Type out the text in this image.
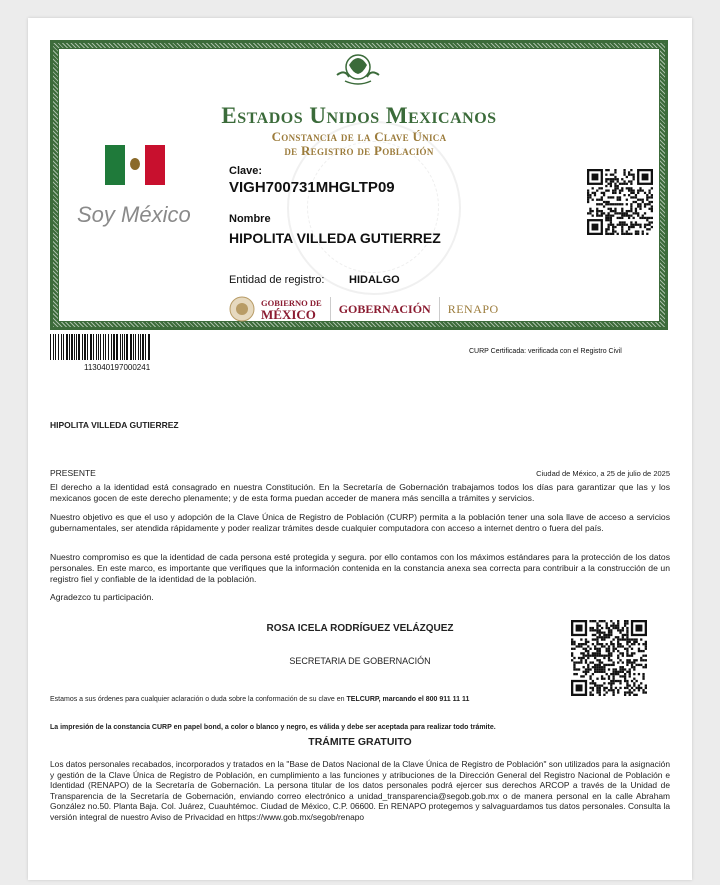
Estados Unidos Mexicanos
Constancia de la Clave Única
de Registro de Población
Soy México
Clave:
VIGH700731MHGLTP09
Nombre
HIPOLITA VILLEDA GUTIERREZ
Entidad de registro: HIDALGO
GOBIERNO DE
MÉXICO	GOBERNACIÓN RENAPO
113040197000241
CURP Certificada: verificada con el Registro Civil
HIPOLITA VILLEDA GUTIERREZ
PRESENTE	Ciudad de México, a 25 de julio de 2025
El derecho a la identidad está consagrado en nuestra Constitución. En la Secretaría de Gobernación trabajamos todos los días para garantizar que las y los mexicanos gocen de este derecho plenamente; y de esta forma puedan acceder de manera más sencilla a trámites y servicios.
Nuestro objetivo es que el uso y adopción de la Clave Única de Registro de Población (CURP) permita a la población tener una sola llave de acceso a servicios gubernamentales, ser atendida rápidamente y poder realizar trámites desde cualquier computadora con acceso a internet dentro o fuera del país.
Nuestro compromiso es que la identidad de cada persona esté protegida y segura. por ello contamos con los máximos estándares para la protección de los datos personales. En este marco, es importante que verifiques que la información contenida en la constancia anexa sea correcta para contribuir a la construcción de un registro fiel y confiable de la identidad de la población.
Agradezco tu participación.
ROSA ICELA RODRÍGUEZ VELÁZQUEZ
SECRETARIA DE GOBERNACIÓN
Estamos a sus órdenes para cualquier aclaración o duda sobre la conformación de su clave en TELCURP, marcando el 800 911 11 11
La impresión de la constancia CURP en papel bond, a color o blanco y negro, es válida y debe ser aceptada para realizar todo trámite.
TRÁMITE GRATUITO
Los datos personales recabados, incorporados y tratados en la "Base de Datos Nacional de la Clave Única de Registro de Población" son utilizados para la asignación y gestión de la Clave Única de Registro de Población, en cumplimiento a las funciones y atribuciones de la Dirección General del Registro Nacional de Población e Identidad (RENAPO) de la Secretaría de Gobernación. La persona titular de los datos personales podrá ejercer sus derechos ARCOP a través de la Unidad de Transparencia de la Secretaría de Gobernación, enviando correo electrónico a unidad_transparencia@segob.gob.mx o de manera personal en la calle Abraham González no.50. Planta Baja. Col. Juárez, Cuauhtémoc. Ciudad de México, C.P. 06600. En RENAPO protegemos y salvaguardamos tus datos personales. Consulta la versión integral de nuestro Aviso de Privacidad en https://www.gob.mx/segob/renapo
